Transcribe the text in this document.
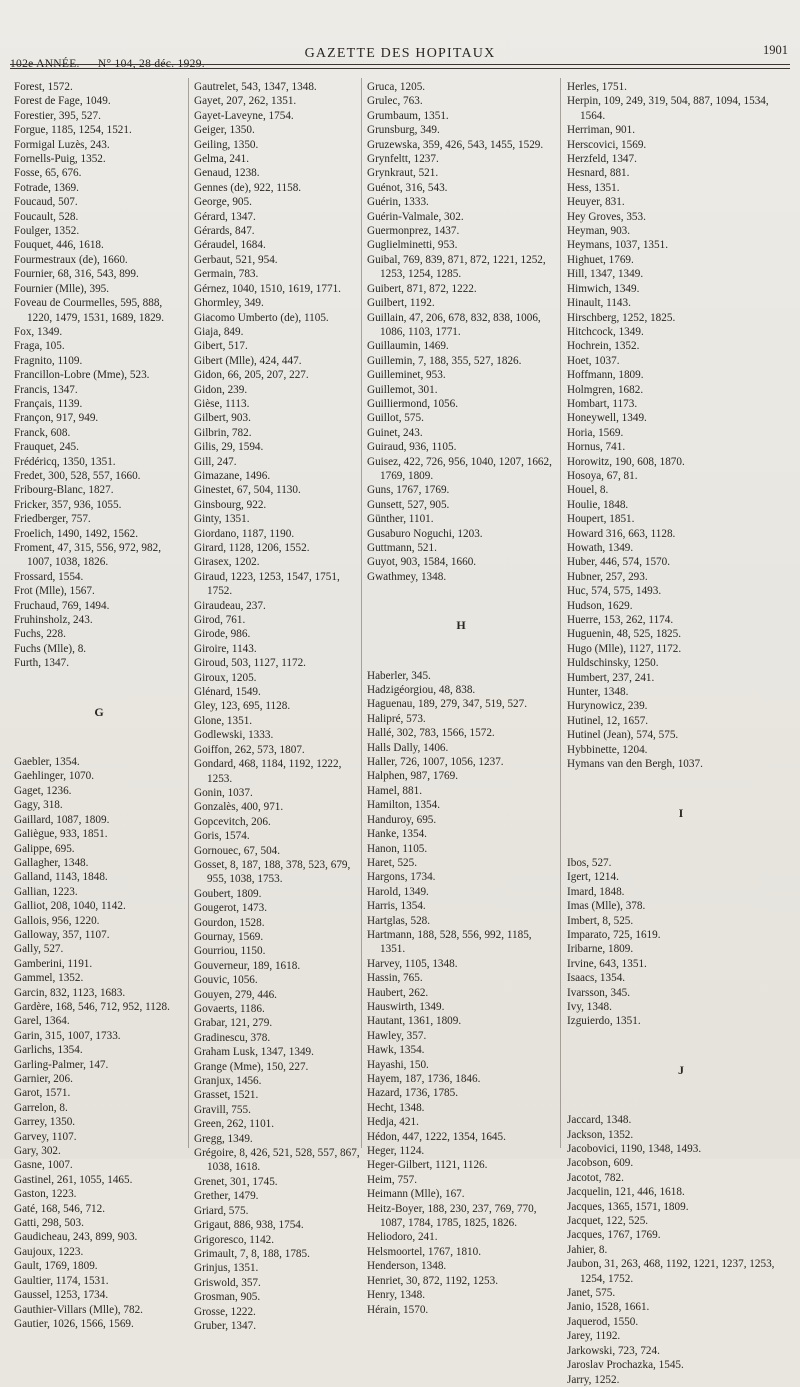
102e ANNÉE. — N° 104, 28 déc. 1929.
GAZETTE DES HOPITAUX	1901
Forest, 1572.
Forest de Fage, 1049.
Forestier, 395, 527.
Forgue, 1185, 1254, 1521.
Formigal Luzès, 243.
Fornells-Puig, 1352.
Fosse, 65, 676.
Fotrade, 1369.
Foucaud, 507.
Foucault, 528.
Foulger, 1352.
Fouquet, 446, 1618.
Fourmestraux (de), 1660.
Fournier, 68, 316, 543, 899.
Fournier (Mlle), 395.
Foveau de Courmelles, 595, 888, 1220, 1479, 1531, 1689, 1829.
Fox, 1349.
Fraga, 105.
Fragnito, 1109.
Francillon-Lobre (Mme), 523.
Francis, 1347.
Français, 1139.
Françon, 917, 949.
Franck, 608.
Frauquet, 245.
Frédéricq, 1350, 1351.
Fredet, 300, 528, 557, 1660.
Fribourg-Blanc, 1827.
Fricker, 357, 936, 1055.
Friedberger, 757.
Froelich, 1490, 1492, 1562.
Froment, 47, 315, 556, 972, 982, 1007, 1038, 1826.
Frossard, 1554.
Frot (Mlle), 1567.
Fruchaud, 769, 1494.
Fruhinsholz, 243.
Fuchs, 228.
Fuchs (Mlle), 8.
Furth, 1347.
G
Gaebler, 1354.
Gaehlinger, 1070.
Gaget, 1236.
Gagy, 318.
Gaillard, 1087, 1809.
Galiègue, 933, 1851.
Galippe, 695.
Gallagher, 1348.
Galland, 1143, 1848.
Gallian, 1223.
Galliot, 208, 1040, 1142.
Gallois, 956, 1220.
Galloway, 357, 1107.
Gally, 527.
Gamberini, 1191.
Gammel, 1352.
Garcin, 832, 1123, 1683.
Gardère, 168, 546, 712, 952, 1128.
Garel, 1364.
Garin, 315, 1007, 1733.
Garlichs, 1354.
Garling-Palmer, 147.
Garnier, 206.
Garot, 1571.
Garrelon, 8.
Garrey, 1350.
Garvey, 1107.
Gary, 302.
Gasne, 1007.
Gastinel, 261, 1055, 1465.
Gaston, 1223.
Gaté, 168, 546, 712.
Gatti, 298, 503.
Gaudicheau, 243, 899, 903.
Gaujoux, 1223.
Gault, 1769, 1809.
Gaultier, 1174, 1531.
Gaussel, 1253, 1734.
Gauthier-Villars (Mlle), 782.
Gautier, 1026, 1566, 1569.
Gautrelet, 543, 1347, 1348.
Gayet, 207, 262, 1351.
Gayet-Laveyne, 1754.
Geiger, 1350.
Geiling, 1350.
Gelma, 241.
Genaud, 1238.
Gennes (de), 922, 1158.
George, 905.
Gérard, 1347.
Gérards, 847.
Géraudel, 1684.
Gerbaut, 521, 954.
Germain, 783.
Gérnez, 1040, 1510, 1619, 1771.
Ghormley, 349.
Giacomo Umberto (de), 1105.
Giaja, 849.
Gibert, 517.
Gibert (Mlle), 424, 447.
Gidon, 66, 205, 207, 227.
Gidon, 239.
Gièse, 1113.
Gilbert, 903.
Gilbrin, 782.
Gilis, 29, 1594.
Gill, 247.
Gimazane, 1496.
Ginestet, 67, 504, 1130.
Ginsbourg, 922.
Ginty, 1351.
Giordano, 1187, 1190.
Girard, 1128, 1206, 1552.
Girasex, 1202.
Giraud, 1223, 1253, 1547, 1751, 1752.
Giraudeau, 237.
Girod, 761.
Girode, 986.
Giroire, 1143.
Giroud, 503, 1127, 1172.
Giroux, 1205.
Glénard, 1549.
Gley, 123, 695, 1128.
Glone, 1351.
Godlewski, 1333.
Goiffon, 262, 573, 1807.
Gondard, 468, 1184, 1192, 1222, 1253.
Gonin, 1037.
Gonzalès, 400, 971.
Gopcevitch, 206.
Goris, 1574.
Gornouec, 67, 504.
Gosset, 8, 187, 188, 378, 523, 679, 955, 1038, 1753.
Goubert, 1809.
Gougerot, 1473.
Gourdon, 1528.
Gournay, 1569.
Gourriou, 1150.
Gouverneur, 189, 1618.
Gouvic, 1056.
Gouyen, 279, 446.
Govaerts, 1186.
Grabar, 121, 279.
Gradinescu, 378.
Graham Lusk, 1347, 1349.
Grange (Mme), 150, 227.
Granjux, 1456.
Grasset, 1521.
Gravill, 755.
Green, 262, 1101.
Gregg, 1349.
Grégoire, 8, 426, 521, 528, 557, 867, 1038, 1618.
Grenet, 301, 1745.
Grether, 1479.
Griard, 575.
Grigaut, 886, 938, 1754.
Grigoresco, 1142.
Grimault, 7, 8, 188, 1785.
Grinjus, 1351.
Griswold, 357.
Grosman, 905.
Grosse, 1222.
Gruber, 1347.
Gruca, 1205.
Grulec, 763.
Grumbaum, 1351.
Grunsburg, 349.
Gruzewska, 359, 426, 543, 1455, 1529.
Grynfeltt, 1237.
Grynkraut, 521.
Guénot, 316, 543.
Guérin, 1333.
Guérin-Valmale, 302.
Guermonprez, 1437.
Guglielminetti, 953.
Guibal, 769, 839, 871, 872, 1221, 1252, 1253, 1254, 1285.
Guibert, 871, 872, 1222.
Guilbert, 1192.
Guillain, 47, 206, 678, 832, 838, 1006, 1086, 1103, 1771.
Guillaumin, 1469.
Guillemin, 7, 188, 355, 527, 1826.
Guilleminet, 953.
Guillemot, 301.
Guilliermond, 1056.
Guillot, 575.
Guinet, 243.
Guiraud, 936, 1105.
Guisez, 422, 726, 956, 1040, 1207, 1662, 1769, 1809.
Guns, 1767, 1769.
Gunsett, 527, 905.
Günther, 1101.
Gusaburo Noguchi, 1203.
Guttmann, 521.
Guyot, 903, 1584, 1660.
Gwathmey, 1348.
H
Haberler, 345.
Hadzigéorgiou, 48, 838.
Haguenau, 189, 279, 347, 519, 527.
Halipré, 573.
Hallé, 302, 783, 1566, 1572.
Halls Dally, 1406.
Haller, 726, 1007, 1056, 1237.
Halphen, 987, 1769.
Hamel, 881.
Hamilton, 1354.
Handuroy, 695.
Hanke, 1354.
Hanon, 1105.
Haret, 525.
Hargons, 1734.
Harold, 1349.
Harris, 1354.
Hartglas, 528.
Hartmann, 188, 528, 556, 992, 1185, 1351.
Harvey, 1105, 1348.
Hassin, 765.
Haubert, 262.
Hauswirth, 1349.
Hautant, 1361, 1809.
Hawley, 357.
Hawk, 1354.
Hayashi, 150.
Hayem, 187, 1736, 1846.
Hazard, 1736, 1785.
Hecht, 1348.
Hedja, 421.
Hédon, 447, 1222, 1354, 1645.
Heger, 1124.
Heger-Gilbert, 1121, 1126.
Heim, 757.
Heimann (Mlle), 167.
Heitz-Boyer, 188, 230, 237, 769, 770, 1087, 1784, 1785, 1825, 1826.
Heliodoro, 241.
Helsmoortel, 1767, 1810.
Henderson, 1348.
Henriet, 30, 872, 1192, 1253.
Henry, 1348.
Hérain, 1570.
Herles, 1751.
Herpin, 109, 249, 319, 504, 887, 1094, 1534, 1564.
Herriman, 901.
Herscovici, 1569.
Herzfeld, 1347.
Hesnard, 881.
Hess, 1351.
Heuyer, 831.
Hey Groves, 353.
Heyman, 903.
Heymans, 1037, 1351.
Highuet, 1769.
Hill, 1347, 1349.
Himwich, 1349.
Hinault, 1143.
Hirschberg, 1252, 1825.
Hitchcock, 1349.
Hochrein, 1352.
Hoet, 1037.
Hoffmann, 1809.
Holmgren, 1682.
Hombart, 1173.
Honeywell, 1349.
Horia, 1569.
Hornus, 741.
Horowitz, 190, 608, 1870.
Hosoya, 67, 81.
Houel, 8.
Houlie, 1848.
Houpert, 1851.
Howard 316, 663, 1128.
Howath, 1349.
Huber, 446, 574, 1570.
Hubner, 257, 293.
Huc, 574, 575, 1493.
Hudson, 1629.
Huerre, 153, 262, 1174.
Huguenin, 48, 525, 1825.
Hugo (Mlle), 1127, 1172.
Huldschinsky, 1250.
Humbert, 237, 241.
Hunter, 1348.
Hurynowicz, 239.
Hutinel, 12, 1657.
Hutinel (Jean), 574, 575.
Hybbinette, 1204.
Hymans van den Bergh, 1037.
I
Ibos, 527.
Igert, 1214.
Imard, 1848.
Imas (Mlle), 378.
Imbert, 8, 525.
Imparato, 725, 1619.
Iribarne, 1809.
Irvine, 643, 1351.
Isaacs, 1354.
Ivarsson, 345.
Ivy, 1348.
Izguierdo, 1351.
J
Jaccard, 1348.
Jackson, 1352.
Jacobovici, 1190, 1348, 1493.
Jacobson, 609.
Jacotot, 782.
Jacquelin, 121, 446, 1618.
Jacques, 1365, 1571, 1809.
Jacquet, 122, 525.
Jacques, 1767, 1769.
Jahier, 8.
Jaubon, 31, 263, 468, 1192, 1221, 1237, 1253, 1254, 1752.
Janet, 575.
Janio, 1528, 1661.
Jaquerod, 1550.
Jarey, 1192.
Jarkowski, 723, 724.
Jaroslav Prochazka, 1545.
Jarry, 1252.
